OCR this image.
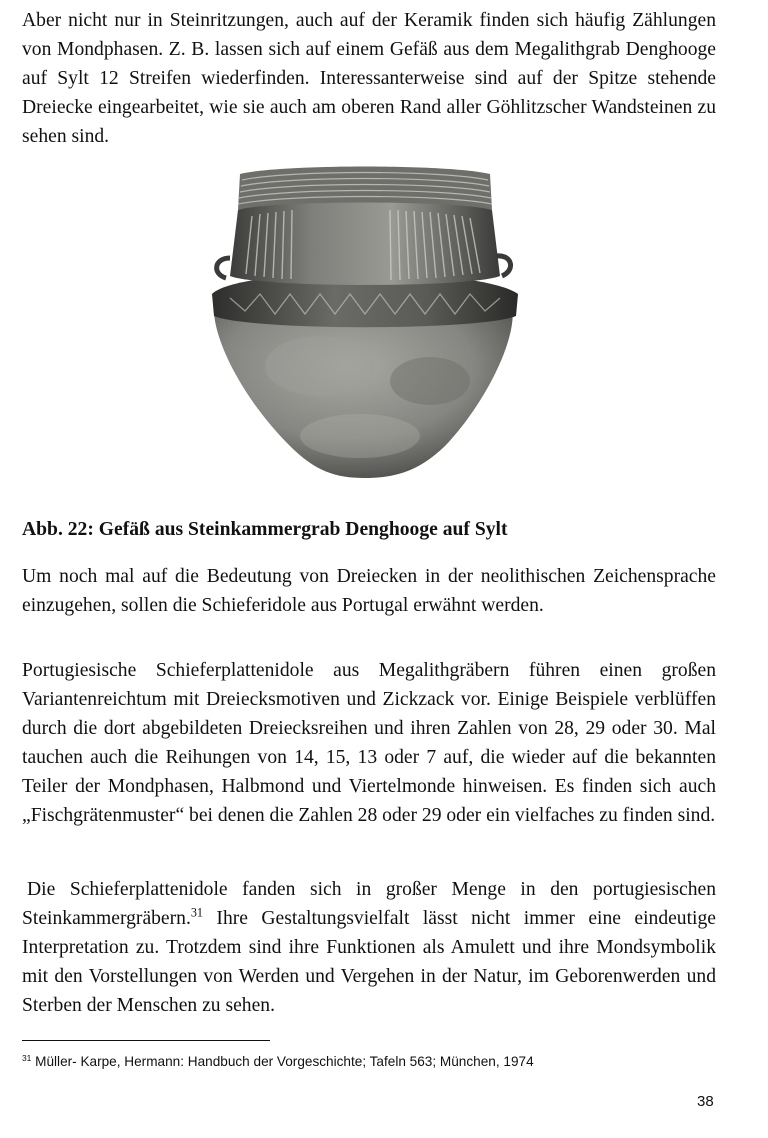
Aber nicht nur in Steinritzungen, auch auf der Keramik finden sich häufig Zählungen von Mondphasen. Z. B. lassen sich auf einem Gefäß aus dem Megalithgrab Denghooge auf Sylt 12 Streifen wiederfinden. Interessanterweise sind auf der Spitze stehende Dreiecke eingearbeitet, wie sie auch am oberen Rand aller Göhlitzscher Wandsteinen zu sehen sind.

Abb. 22: Gefäß aus Steinkammergrab Denghooge auf Sylt

Um noch mal auf die Bedeutung von Dreiecken in der neolithischen Zeichensprache einzugehen, sollen die Schieferidole aus Portugal erwähnt werden.

Portugiesische Schieferplattenidole aus Megalithgräbern führen einen großen Variantenreichtum mit Dreiecksmotiven und Zickzack vor. Einige Beispiele verblüffen durch die dort abgebildeten Dreiecksreihen und ihren Zahlen von 28, 29 oder 30. Mal tauchen auch die Reihungen von 14, 15, 13 oder 7 auf, die wieder auf die bekannten Teiler der Mondphasen, Halbmond und Viertelmonde hinweisen. Es finden sich auch „Fischgrätenmuster“ bei denen die Zahlen 28 oder 29 oder ein vielfaches zu finden sind.

Die Schieferplattenidole fanden sich in großer Menge in den portugiesischen Steinkammergräbern.$^{31}$ Ihre Gestaltungsvielfalt lässt nicht immer eine eindeutige Interpretation zu. Trotzdem sind ihre Funktionen als Amulett und ihre Mondsymbolik mit den Vorstellungen von Werden und Vergehen in der Natur, im Geborenwerden und Sterben der Menschen zu sehen.

$^{31}$ Müller- Karpe, Hermann: Handbuch der Vorgeschichte; Tafeln 563; München, 1974

38
